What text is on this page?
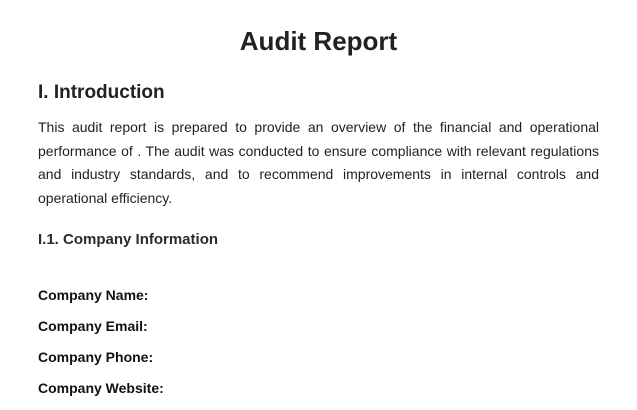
Audit Report
I. Introduction
This audit report is prepared to provide an overview of the financial and operational performance of . The audit was conducted to ensure compliance with relevant regulations and industry standards, and to recommend improvements in internal controls and operational efficiency.
I.1. Company Information
Company Name:
Company Email:
Company Phone:
Company Website:
